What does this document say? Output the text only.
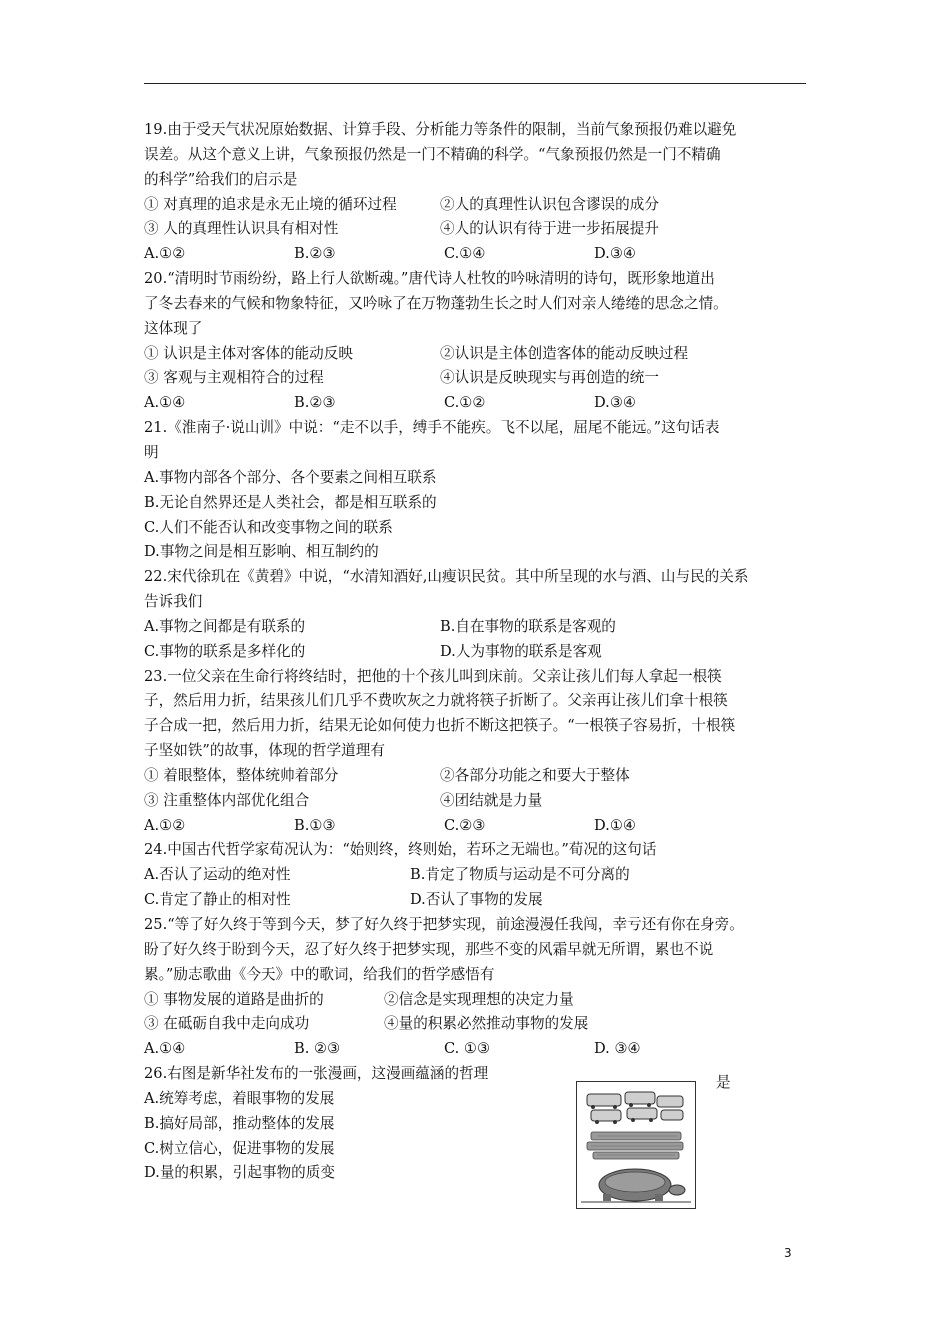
19.由于受天气状况原始数据、计算手段、分析能力等条件的限制，当前气象预报仍难以避免
误差。从这个意义上讲，气象预报仍然是一门不精确的科学。“气象预报仍然是一门不精确
的科学”给我们的启示是
① 对真理的追求是永无止境的循环过程	②人的真理性认识包含谬误的成分
③ 人的真理性认识具有相对性	④人的认识有待于进一步拓展提升
A.①②	B.②③	C.①④	D.③④
20.“清明时节雨纷纷，路上行人欲断魂。”唐代诗人杜牧的吟咏清明的诗句，既形象地道出
了冬去春来的气候和物象特征，又吟咏了在万物蓬勃生长之时人们对亲人绻绻的思念之情。
这体现了
① 认识是主体对客体的能动反映	②认识是主体创造客体的能动反映过程
③ 客观与主观相符合的过程	④认识是反映现实与再创造的统一
A.①④	B.②③	C.①②	D.③④
21.《淮南子·说山训》中说：“走不以手，缚手不能疾。飞不以尾，屈尾不能远。”这句话表
明
A.事物内部各个部分、各个要素之间相互联系
B.无论自然界还是人类社会，都是相互联系的
C.人们不能否认和改变事物之间的联系
D.事物之间是相互影响、相互制约的
22.宋代徐玑在《黄碧》中说，“水清知酒好,山瘦识民贫。其中所呈现的水与酒、山与民的关系
告诉我们
A.事物之间都是有联系的	B.自在事物的联系是客观的
C.事物的联系是多样化的	D.人为事物的联系是客观
23.一位父亲在生命行将终结时，把他的十个孩儿叫到床前。父亲让孩儿们每人拿起一根筷
子，然后用力折，结果孩儿们几乎不费吹灰之力就将筷子折断了。父亲再让孩儿们拿十根筷
子合成一把，然后用力折，结果无论如何使力也折不断这把筷子。“一根筷子容易折，十根筷
子坚如铁”的故事，体现的哲学道理有
① 着眼整体，整体统帅着部分	②各部分功能之和要大于整体
③ 注重整体内部优化组合	④团结就是力量
A.①②	B.①③	C.②③	D.①④
24.中国古代哲学家荀况认为：“始则终，终则始，若环之无端也。”荀况的这句话
A.否认了运动的绝对性	B.肯定了物质与运动是不可分离的
C.肯定了静止的相对性	D.否认了事物的发展
25.“等了好久终于等到今天，梦了好久终于把梦实现，前途漫漫任我闯，幸亏还有你在身旁。
盼了好久终于盼到今天，忍了好久终于把梦实现，那些不变的风霜早就无所谓，累也不说
累。”励志歌曲《今天》中的歌词，给我们的哲学感悟有
① 事物发展的道路是曲折的	②信念是实现理想的决定力量
③ 在砥砺自我中走向成功	④量的积累必然推动事物的发展
A.①④	B. ②③	C. ①③	D. ③④
26.右图是新华社发布的一张漫画，这漫画蕴涵的哲理
A.统筹考虑，着眼事物的发展
B.搞好局部，推动整体的发展
C.树立信心，促进事物的发展
D.量的积累，引起事物的质变
是
3
